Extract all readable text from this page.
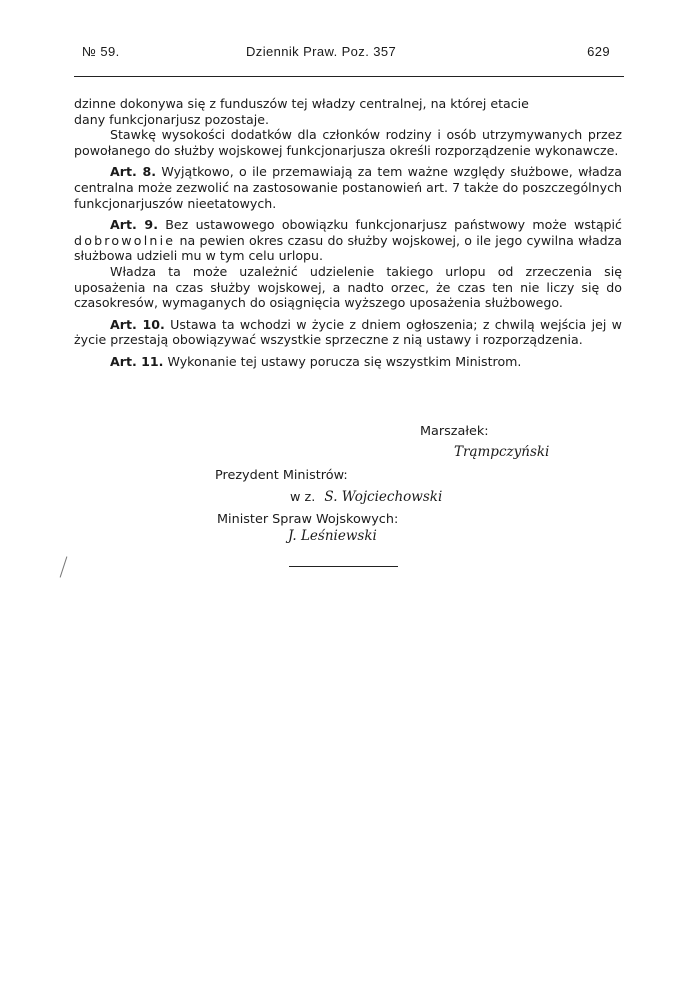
№ 59.	Dziennik Praw. Poz. 357	629

dzinne dokonywa się z funduszów tej władzy centralnej, na której etacie
dany funkcjonarjusz pozostaje.

Stawkę wysokości dodatków dla członków rodziny i osób utrzymywanych przez powołanego do służby wojskowej funkcjonarjusza określi rozporządzenie wykonawcze.

Art. 8. Wyjątkowo, o ile przemawiają za tem ważne względy służbowe, władza centralna może zezwolić na zastosowanie postanowień art. 7 także do poszczególnych funkcjonarjuszów nieetatowych.

Art. 9. Bez ustawowego obowiązku funkcjonarjusz państwowy może wstąpić dobrowolnie na pewien okres czasu do służby wojskowej, o ile jego cywilna władza służbowa udzieli mu w tym celu urlopu.

Władza ta może uzależnić udzielenie takiego urlopu od zrzeczenia się uposażenia na czas służby wojskowej, a nadto orzec, że czas ten nie liczy się do czasokresów, wymaganych do osiągnięcia wyższego uposażenia służbowego.

Art. 10. Ustawa ta wchodzi w życie z dniem ogłoszenia; z chwilą wejścia jej w życie przestają obowiązywać wszystkie sprzeczne z nią ustawy i rozporządzenia.

Art. 11. Wykonanie tej ustawy porucza się wszystkim Ministrom.

Marszałek:
Trąmpczyński
Prezydent Ministrów:
w z. S. Wojciechowski
Minister Spraw Wojskowych:
J. Leśniewski
